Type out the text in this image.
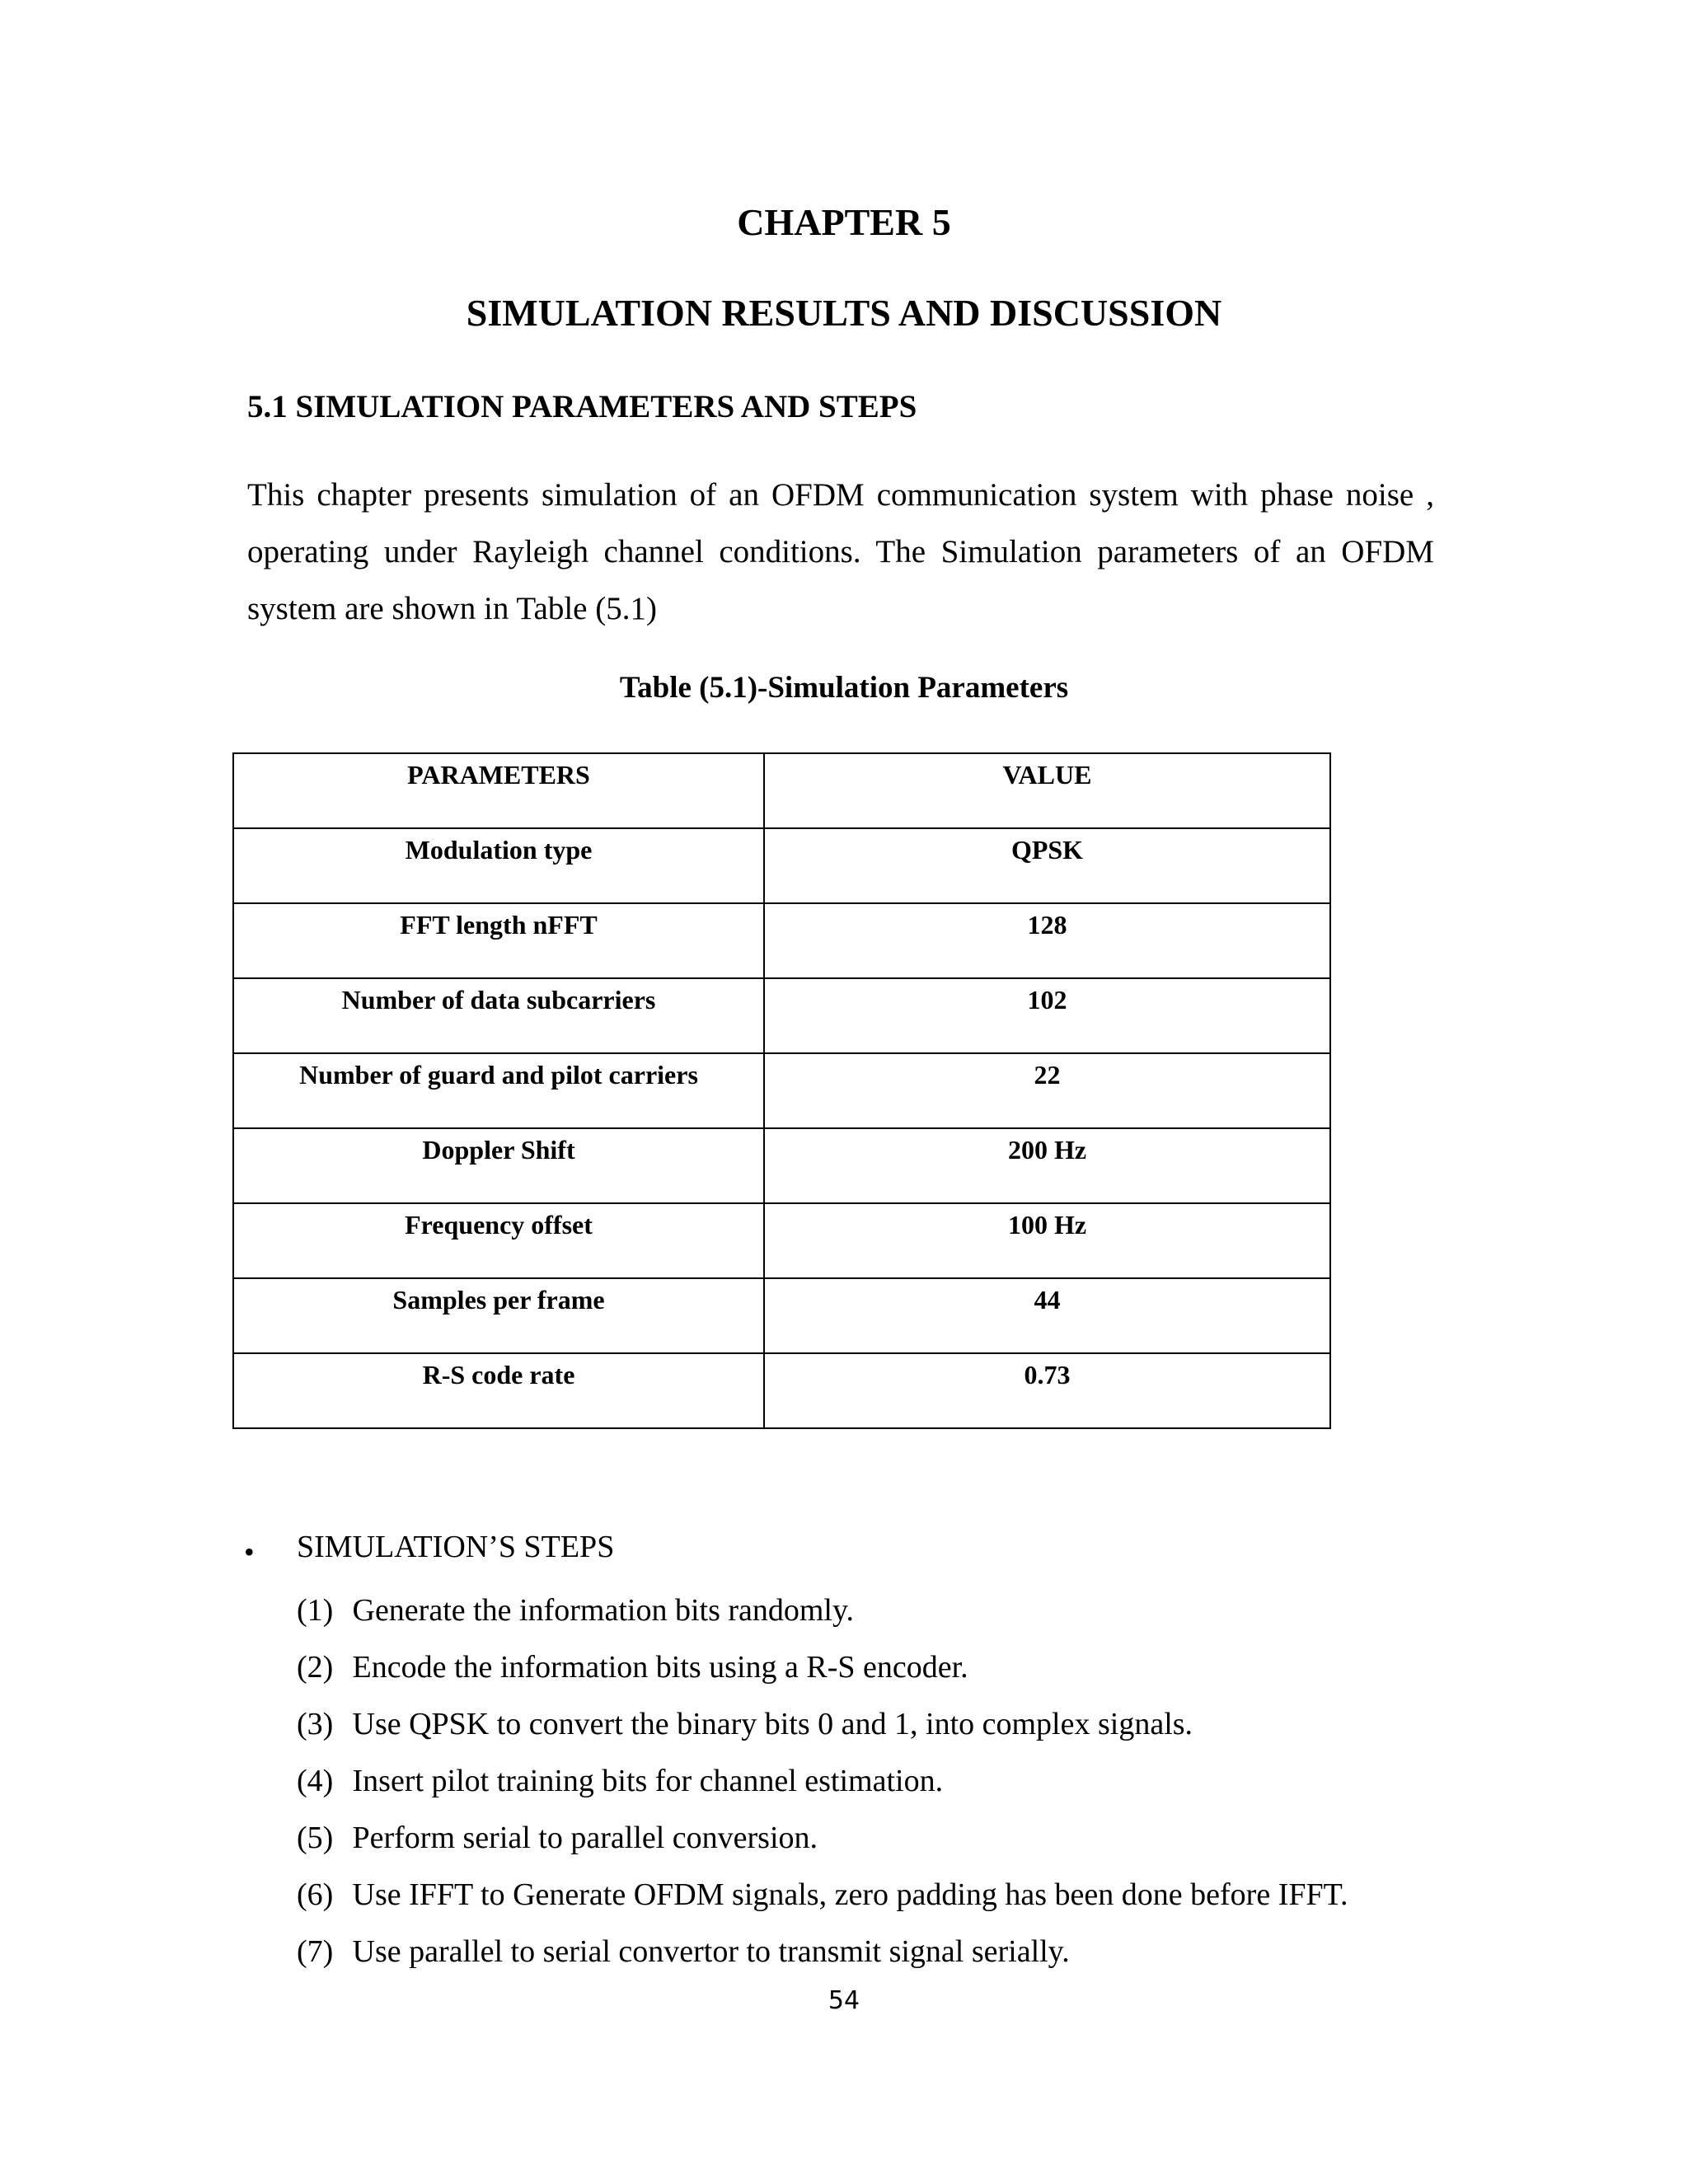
CHAPTER 5
SIMULATION RESULTS AND DISCUSSION
5.1 SIMULATION PARAMETERS AND STEPS
This chapter presents simulation of an OFDM communication system with phase noise , operating under Rayleigh channel conditions. The Simulation parameters of an OFDM system are shown in Table (5.1)
Table (5.1)-Simulation Parameters
PARAMETERS	VALUE

Modulation type	QPSK

FFT length nFFT	128

Number of data subcarriers	102

Number of guard and pilot carriers	22

Doppler Shift	200 Hz

Frequency offset	100 Hz

Samples per frame	44

R-S code rate	0.73
• SIMULATION’S STEPS
(1) Generate the information bits randomly.
(2) Encode the information bits using a R-S encoder.
(3) Use QPSK to convert the binary bits 0 and 1, into complex signals.
(4) Insert pilot training bits for channel estimation.
(5) Perform serial to parallel conversion.
(6) Use IFFT to Generate OFDM signals, zero padding has been done before IFFT.
(7) Use parallel to serial convertor to transmit signal serially.
54
